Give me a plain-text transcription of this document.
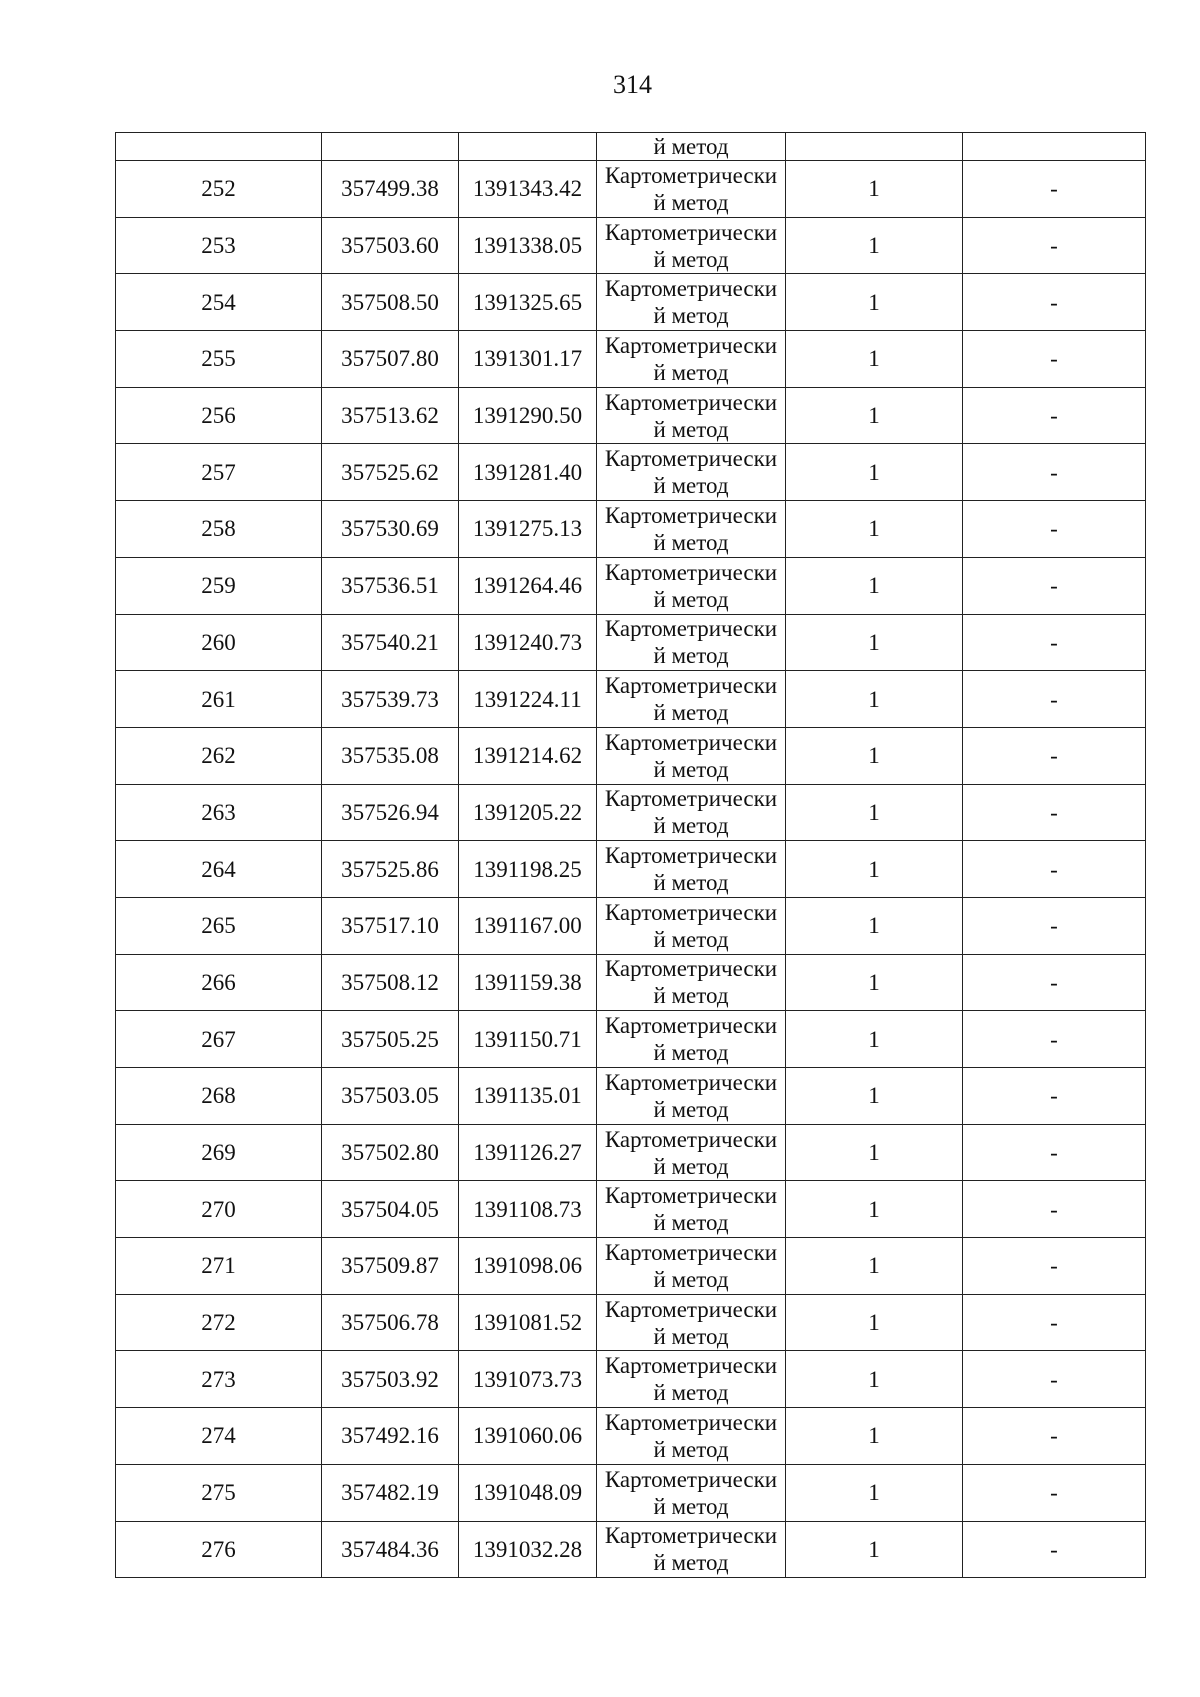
314
			й метод		
252	357499.38	1391343.42	Картометрически
й метод	1	-
253	357503.60	1391338.05	Картометрически
й метод	1	-
254	357508.50	1391325.65	Картометрически
й метод	1	-
255	357507.80	1391301.17	Картометрически
й метод	1	-
256	357513.62	1391290.50	Картометрически
й метод	1	-
257	357525.62	1391281.40	Картометрически
й метод	1	-
258	357530.69	1391275.13	Картометрически
й метод	1	-
259	357536.51	1391264.46	Картометрически
й метод	1	-
260	357540.21	1391240.73	Картометрически
й метод	1	-
261	357539.73	1391224.11	Картометрически
й метод	1	-
262	357535.08	1391214.62	Картометрически
й метод	1	-
263	357526.94	1391205.22	Картометрически
й метод	1	-
264	357525.86	1391198.25	Картометрически
й метод	1	-
265	357517.10	1391167.00	Картометрически
й метод	1	-
266	357508.12	1391159.38	Картометрически
й метод	1	-
267	357505.25	1391150.71	Картометрически
й метод	1	-
268	357503.05	1391135.01	Картометрически
й метод	1	-
269	357502.80	1391126.27	Картометрически
й метод	1	-
270	357504.05	1391108.73	Картометрически
й метод	1	-
271	357509.87	1391098.06	Картометрически
й метод	1	-
272	357506.78	1391081.52	Картометрически
й метод	1	-
273	357503.92	1391073.73	Картометрически
й метод	1	-
274	357492.16	1391060.06	Картометрически
й метод	1	-
275	357482.19	1391048.09	Картометрически
й метод	1	-
276	357484.36	1391032.28	Картометрически
й метод	1	-
